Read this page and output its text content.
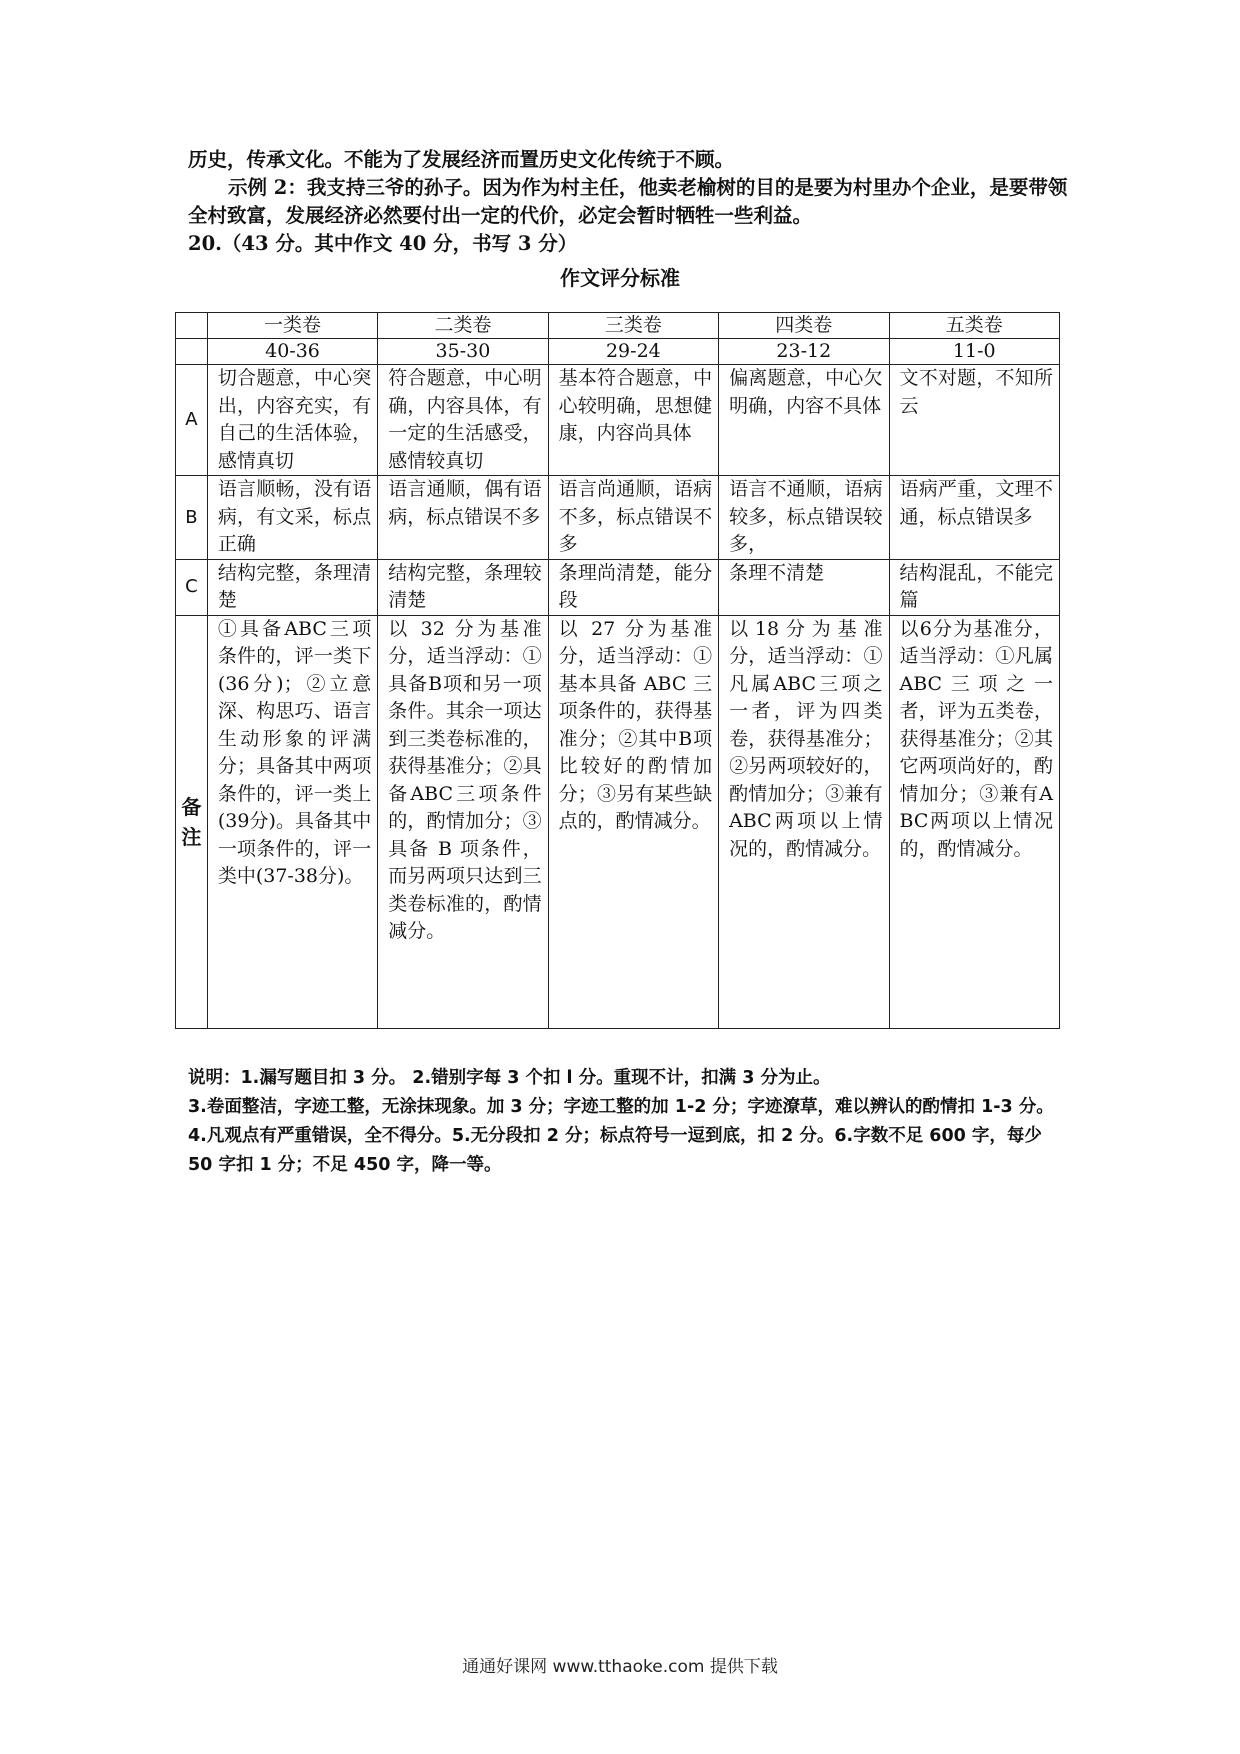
历史，传承文化。不能为了发展经济而置历史文化传统于不顾。

示例 2：我支持三爷的孙子。因为作为村主任，他卖老榆树的目的是要为村里办个企业，是要带领全村致富，发展经济必然要付出一定的代价，必定会暂时牺牲一些利益。

20.（43 分。其中作文 40 分，书写 3 分）

作文评分标准
	一类卷	二类卷	三类卷	四类卷	五类卷
	40-36	35-30	29-24	23-12	11-0
A	切合题意，中心突出，内容充实，有自己的生活体验，感情真切	符合题意，中心明确，内容具体，有一定的生活感受，感情较真切	基本符合题意，中心较明确，思想健康，内容尚具体	偏离题意，中心欠明确，内容不具体	文不对题，不知所云
B	语言顺畅，没有语病，有文采，标点正确	语言通顺，偶有语病，标点错误不多	语言尚通顺，语病不多，标点错误不多	语言不通顺，语病较多，标点错误较多，	语病严重，文理不通，标点错误多
C	结构完整，条理清楚	结构完整，条理较清楚	条理尚清楚，能分段	条理不清楚	结构混乱，不能完篇
备注	①具备ABC三项条件的，评一类下(36分)；②立意深、构思巧、语言生动形象的评满分；具备其中两项条件的，评一类上(39分)。具备其中一项条件的，评一类中(37-38分)。	以 32 分为基准分，适当浮动：①具备B项和另一项条件。其余一项达到三类卷标准的，获得基准分；②具备ABC三项条件的，酌情加分；③具备 B 项条件，而另两项只达到三类卷标准的，酌情减分。	以 27 分为基准分，适当浮动：①基本具备 ABC 三项条件的，获得基准分；②其中B项比较好的酌情加分；③另有某些缺点的，酌情减分。	以18分为基准分，适当浮动：①凡属ABC三项之一者，评为四类卷，获得基准分；②另两项较好的，酌情加分；③兼有ABC两项以上情况的，酌情减分。	以6分为基准分，适当浮动：①凡属ABC三项之一者，评为五类卷，获得基准分；②其它两项尚好的，酌情加分；③兼有ABC两项以上情况的，酌情减分。

说明：1.漏写题目扣 3 分。 2.错别字每 3 个扣 l 分。重现不计，扣满 3 分为止。

3.卷面整洁，字迹工整，无涂抹现象。加 3 分；字迹工整的加 1-2 分；字迹潦草，难以辨认的酌情扣 1-3 分。4.凡观点有严重错误，全不得分。5.无分段扣 2 分；标点符号一逗到底，扣 2 分。6.字数不足 600 字，每少 50 字扣 1 分；不足 450 字，降一等。

通通好课网 www.tthaoke.com 提供下载
